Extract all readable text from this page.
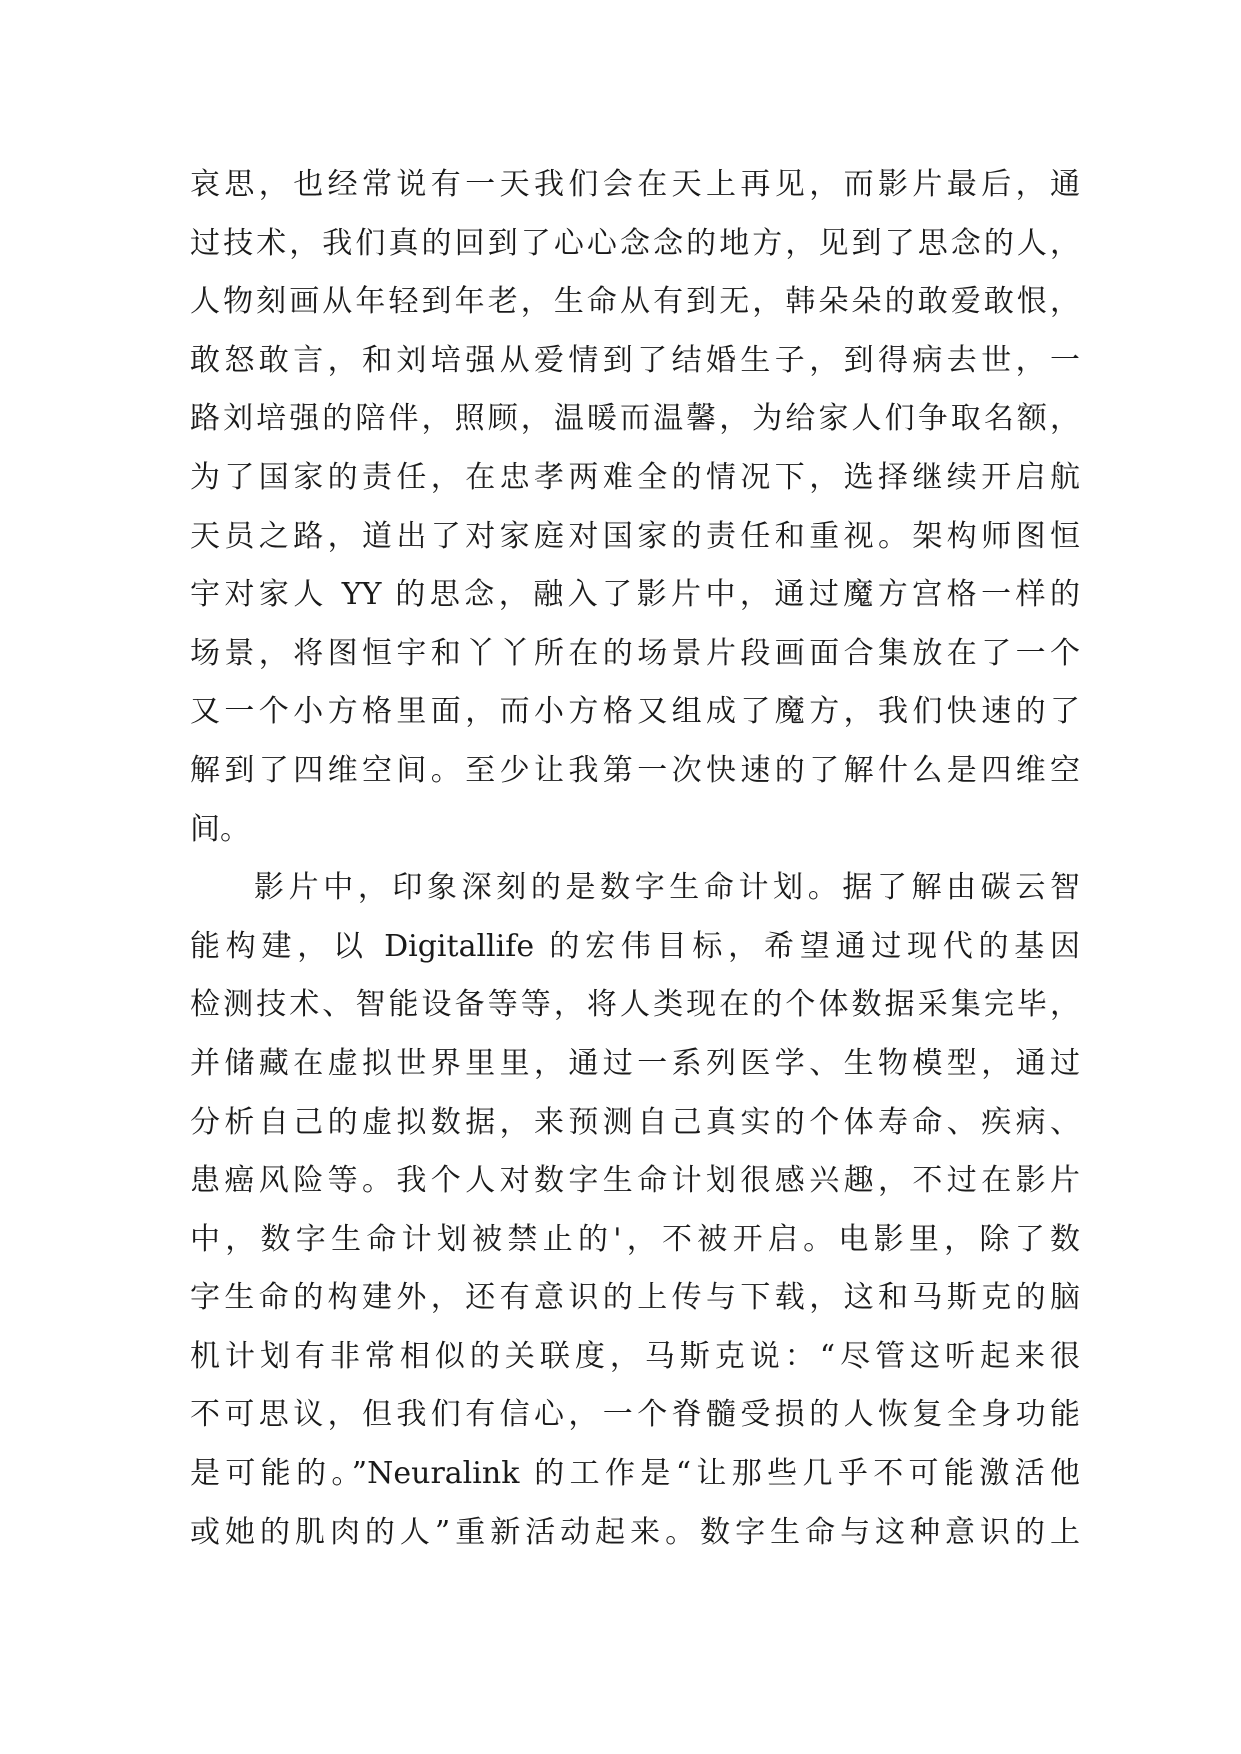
哀思，也经常说有一天我们会在天上再见，而影片最后，通
过技术，我们真的回到了心心念念的地方，见到了思念的人，
人物刻画从年轻到年老，生命从有到无，韩朵朵的敢爱敢恨，
敢怒敢言，和刘培强从爱情到了结婚生子，到得病去世，一
路刘培强的陪伴，照顾，温暖而温馨，为给家人们争取名额，
为了国家的责任，在忠孝两难全的情况下，选择继续开启航
天员之路，道出了对家庭对国家的责任和重视。架构师图恒
宇对家人 YY 的思念，融入了影片中，通过魔方宫格一样的
场景，将图恒宇和丫丫所在的场景片段画面合集放在了一个
又一个小方格里面，而小方格又组成了魔方，我们快速的了
解到了四维空间。至少让我第一次快速的了解什么是四维空
间。
影片中，印象深刻的是数字生命计划。据了解由碳云智
能构建，以 Digitallife 的宏伟目标，希望通过现代的基因
检测技术、智能设备等等，将人类现在的个体数据采集完毕，
并储藏在虚拟世界里里，通过一系列医学、生物模型，通过
分析自己的虚拟数据，来预测自己真实的个体寿命、疾病、
患癌风险等。我个人对数字生命计划很感兴趣，不过在影片
中，数字生命计划被禁止的'，不被开启。电影里，除了数
字生命的构建外，还有意识的上传与下载，这和马斯克的脑
机计划有非常相似的关联度，马斯克说：“尽管这听起来很
不可思议，但我们有信心，一个脊髓受损的人恢复全身功能
是可能的。”Neuralink 的工作是“让那些几乎不可能激活他
或她的肌肉的人”重新活动起来。数字生命与这种意识的上
